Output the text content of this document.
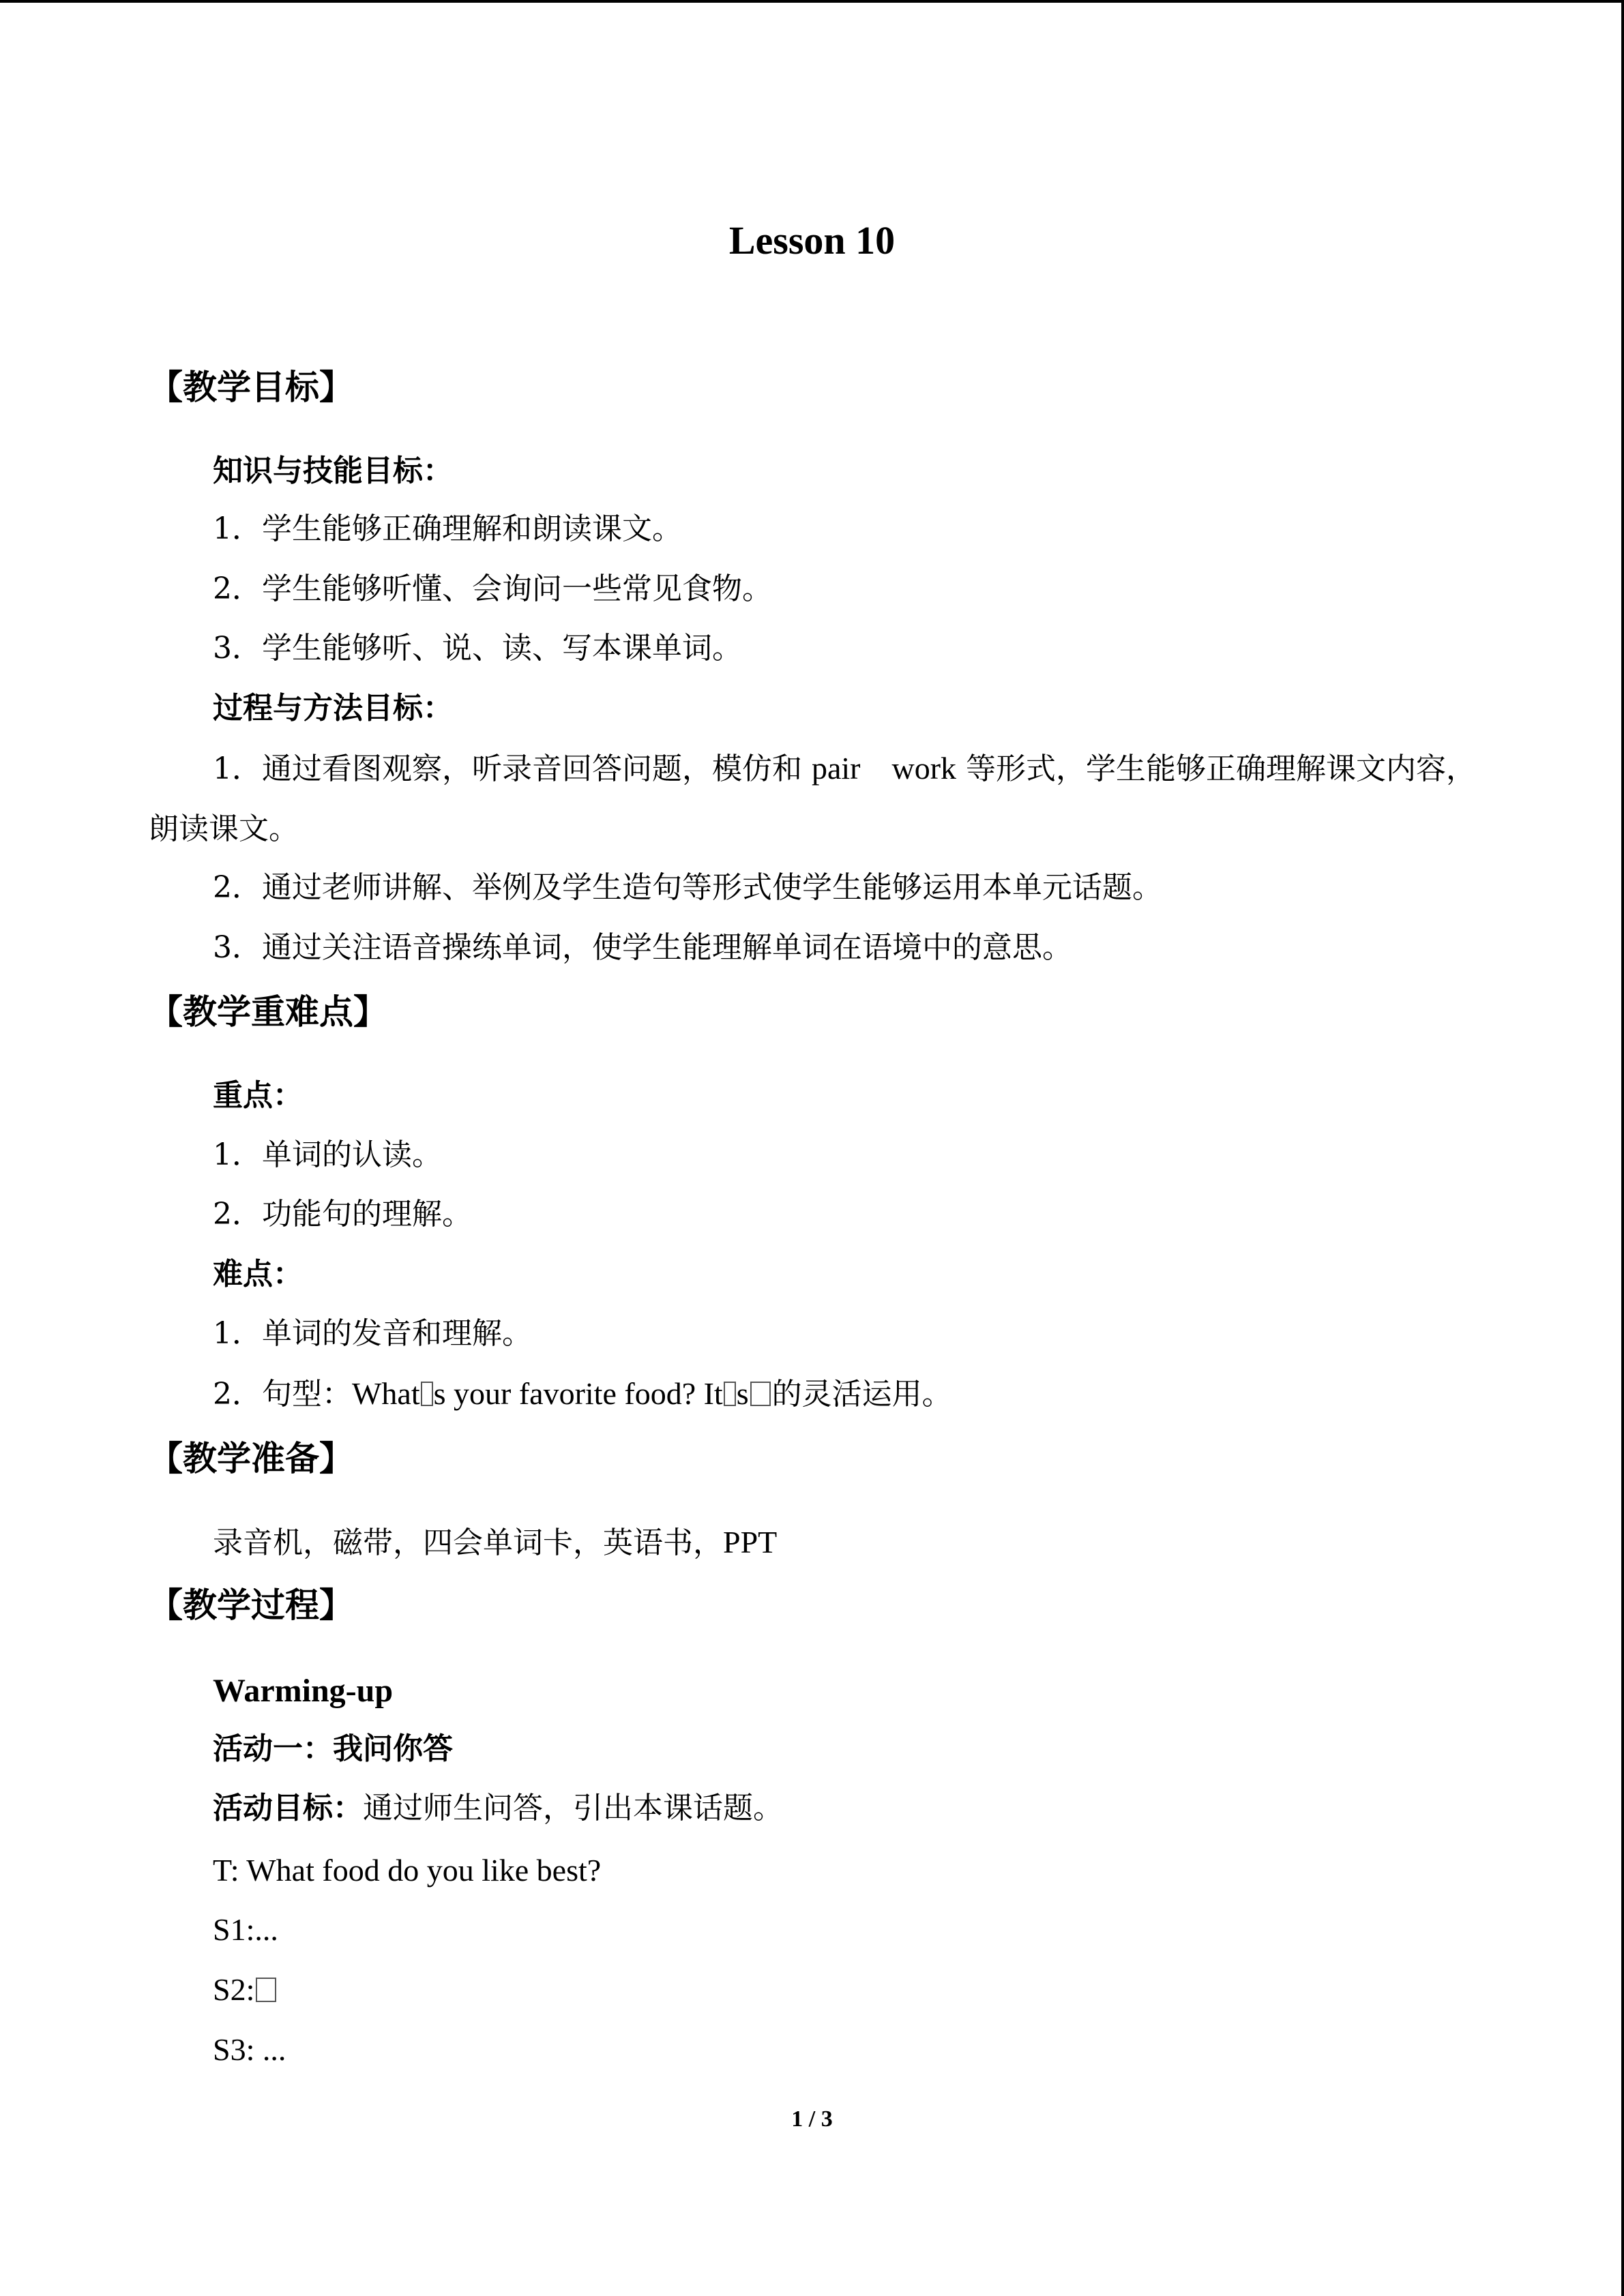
Lesson 10
【教学目标】
知识与技能目标：
1．学生能够正确理解和朗读课文。
2．学生能够听懂、会询问一些常见食物。
3．学生能够听、说、读、写本课单词。
过程与方法目标：
1．通过看图观察，听录音回答问题，模仿和 pair　work 等形式，学生能够正确理解课文内容，朗读课文。
2．通过老师讲解、举例及学生造句等形式使学生能够运用本单元话题。
3．通过关注语音操练单词，使学生能理解单词在语境中的意思。
【教学重难点】
重点：
1．单词的认读。
2．功能句的理解。
难点：
1．单词的发音和理解。
2．句型：What s your favorite food? It s 的灵活运用。
【教学准备】
录音机，磁带，四会单词卡，英语书，PPT
【教学过程】
Warming-up
活动一：我问你答
活动目标：通过师生问答，引出本课话题。
T: What food do you like best?
S1:...
S2:
S3: ...
1 / 3
